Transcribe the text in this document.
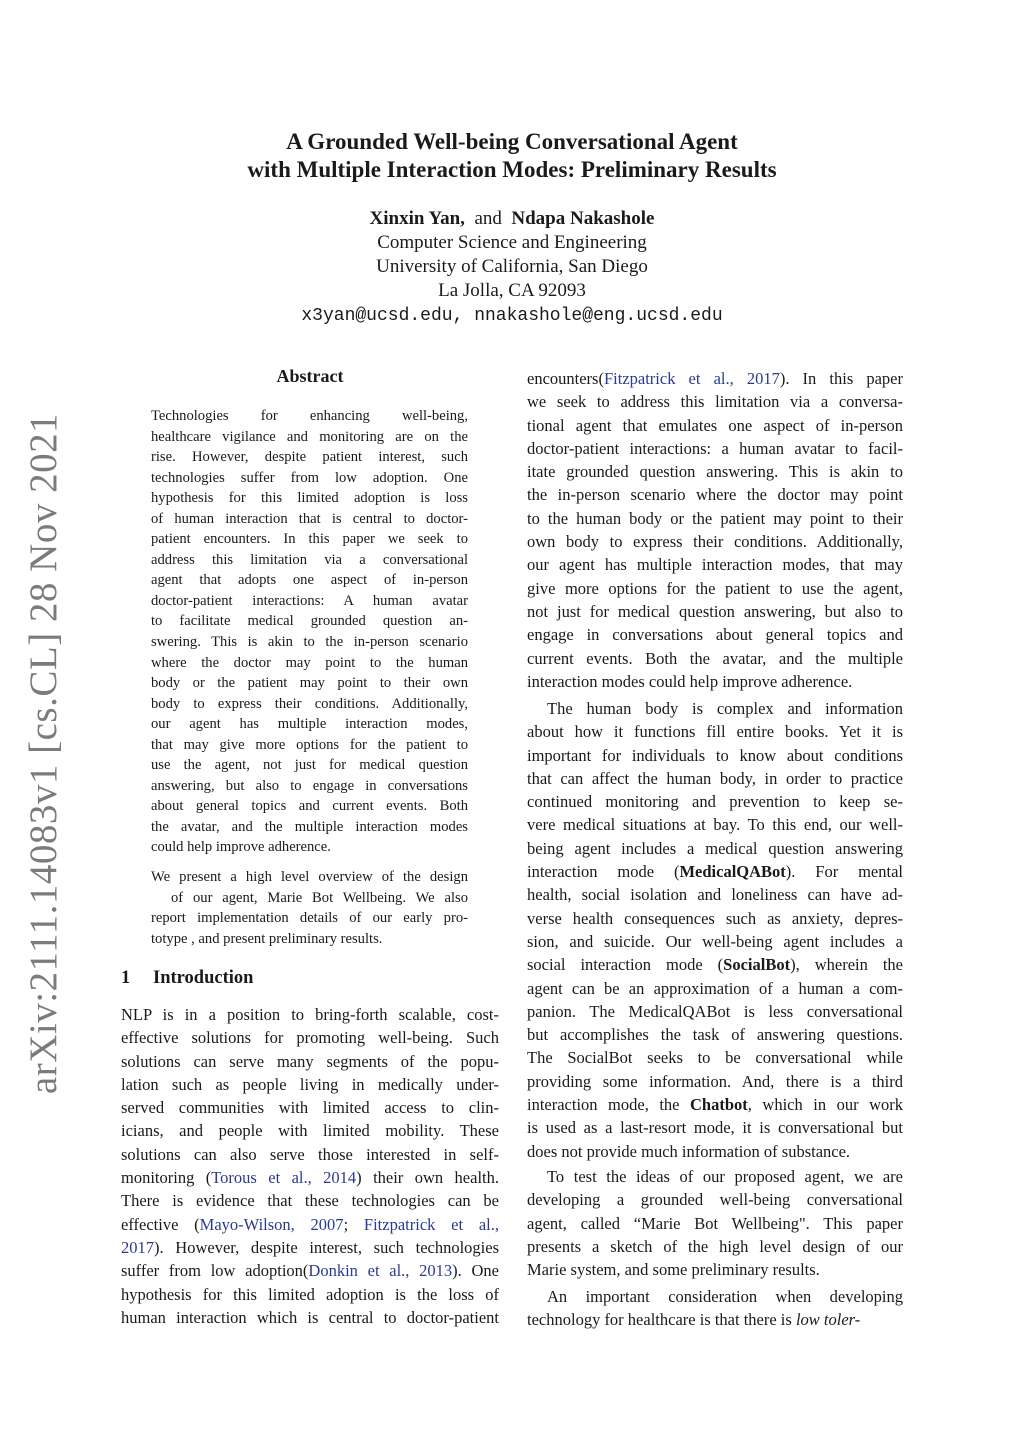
arXiv:2111.14083v1 [cs.CL] 28 Nov 2021
A Grounded Well-being Conversational Agent
with Multiple Interaction Modes: Preliminary Results
Xinxin Yan, and Ndapa Nakashole
Computer Science and Engineering
University of California, San Diego
La Jolla, CA 92093
x3yan@ucsd.edu, nnakashole@eng.ucsd.edu
Abstract
Technologies for enhancing well-being,
healthcare vigilance and monitoring are on the
rise. However, despite patient interest, such
technologies suffer from low adoption. One
hypothesis for this limited adoption is loss
of human interaction that is central to doctor-
patient encounters. In this paper we seek to
address this limitation via a conversational
agent that adopts one aspect of in-person
doctor-patient interactions: A human avatar
to facilitate medical grounded question an-
swering. This is akin to the in-person scenario
where the doctor may point to the human
body or the patient may point to their own
body to express their conditions. Additionally,
our agent has multiple interaction modes,
that may give more options for the patient to
use the agent, not just for medical question
answering, but also to engage in conversations
about general topics and current events. Both
the avatar, and the multiple interaction modes
could help improve adherence.
We present a high level overview of the design
of our agent, Marie Bot Wellbeing. We also
report implementation details of our early pro-
totype , and present preliminary results.
1 Introduction
NLP is in a position to bring-forth scalable, cost-
effective solutions for promoting well-being. Such
solutions can serve many segments of the popu-
lation such as people living in medically under-
served communities with limited access to clin-
icians, and people with limited mobility. These
solutions can also serve those interested in self-
monitoring (Torous et al., 2014) their own health.
There is evidence that these technologies can be
effective (Mayo-Wilson, 2007; Fitzpatrick et al.,
2017). However, despite interest, such technologies
suffer from low adoption(Donkin et al., 2013). One
hypothesis for this limited adoption is the loss of
human interaction which is central to doctor-patient
encounters(Fitzpatrick et al., 2017). In this paper
we seek to address this limitation via a conversa-
tional agent that emulates one aspect of in-person
doctor-patient interactions: a human avatar to facil-
itate grounded question answering. This is akin to
the in-person scenario where the doctor may point
to the human body or the patient may point to their
own body to express their conditions. Additionally,
our agent has multiple interaction modes, that may
give more options for the patient to use the agent,
not just for medical question answering, but also to
engage in conversations about general topics and
current events. Both the avatar, and the multiple
interaction modes could help improve adherence.
The human body is complex and information
about how it functions fill entire books. Yet it is
important for individuals to know about conditions
that can affect the human body, in order to practice
continued monitoring and prevention to keep se-
vere medical situations at bay. To this end, our well-
being agent includes a medical question answering
interaction mode (MedicalQABot). For mental
health, social isolation and loneliness can have ad-
verse health consequences such as anxiety, depres-
sion, and suicide. Our well-being agent includes a
social interaction mode (SocialBot), wherein the
agent can be an approximation of a human a com-
panion. The MedicalQABot is less conversational
but accomplishes the task of answering questions.
The SocialBot seeks to be conversational while
providing some information. And, there is a third
interaction mode, the Chatbot, which in our work
is used as a last-resort mode, it is conversational but
does not provide much information of substance.
To test the ideas of our proposed agent, we are
developing a grounded well-being conversational
agent, called “Marie Bot Wellbeing". This paper
presents a sketch of the high level design of our
Marie system, and some preliminary results.
An important consideration when developing
technology for healthcare is that there is low toler-
